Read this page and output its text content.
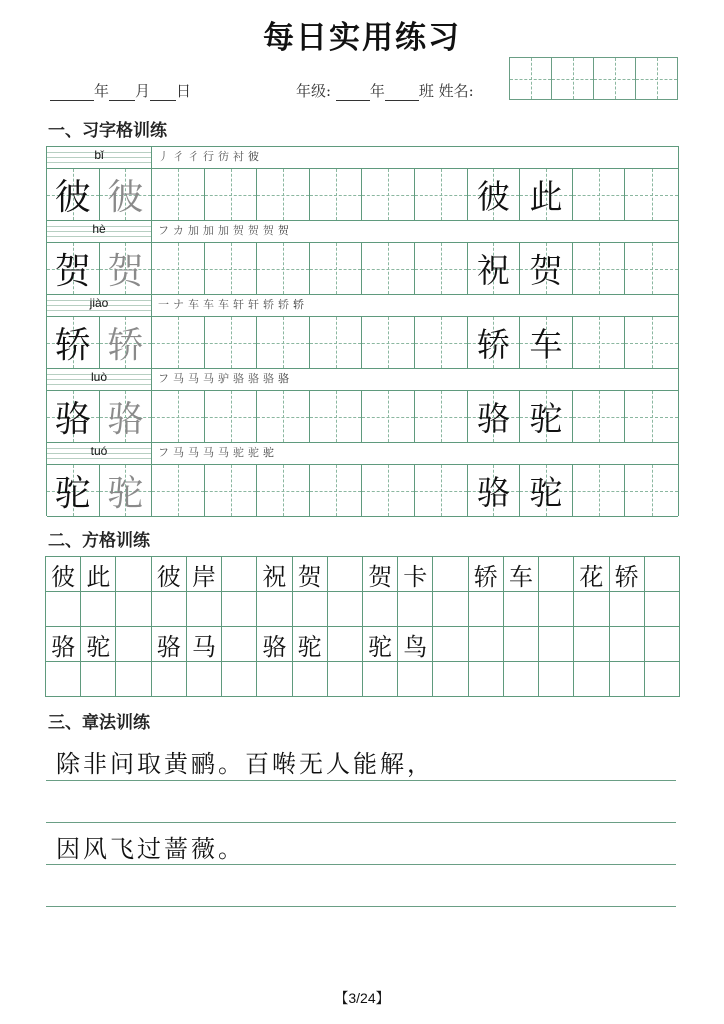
每日实用练习
年 月 日	年级:	年 班 姓名:
一、习字格训练
bǐ	丿彳彳行彷衬彼
彼 彼	彼 此
hè	フカ加加加贺贺贺贺
贺 贺	祝 贺
jiào	一ナ车车车轩轩轿轿轿
轿 轿	轿 车
luò	フ马马马驴骆骆骆骆
骆 骆	骆 驼
tuó	フ马马马马驼驼驼
驼 驼	骆 驼
二、方格训练
彼 此 彼 岸 祝 贺 贺 卡 轿 车 花 轿
骆 驼 骆 马 骆 驼 驼 鸟
三、章法训练
除非问取黄鹂。百啭无人能解，
因风飞过蔷薇。
【3/24】
